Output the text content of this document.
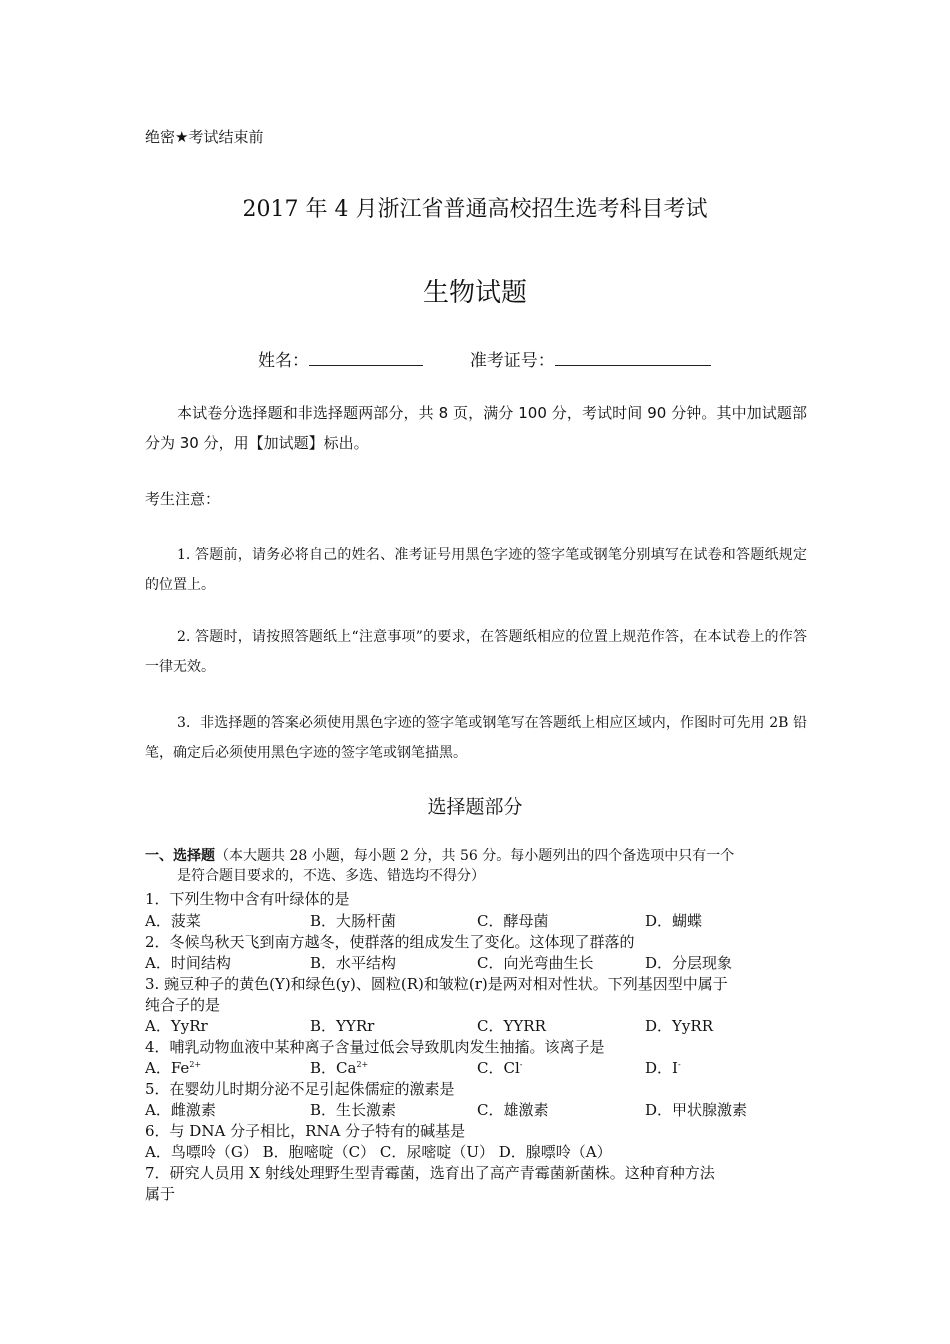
绝密★考试结束前
2017 年 4 月浙江省普通高校招生选考科目考试
生物试题
姓名：	准考证号：
本试卷分选择题和非选择题两部分，共 8 页，满分 100 分，考试时间 90 分钟。其中加试题部分为 30 分，用【加试题】标出。
考生注意：
1. 答题前，请务必将自己的姓名、准考证号用黑色字迹的签字笔或钢笔分别填写在试卷和答题纸规定的位置上。
2. 答题时，请按照答题纸上“注意事项”的要求，在答题纸相应的位置上规范作答，在本试卷上的作答一律无效。
3．非选择题的答案必须使用黑色字迹的签字笔或钢笔写在答题纸上相应区域内，作图时可先用 2B 铅笔，确定后必须使用黑色字迹的签字笔或钢笔描黑。
选择题部分
一、选择题（本大题共 28 小题，每小题 2 分，共 56 分。每小题列出的四个备选项中只有一个
是符合题目要求的，不选、多选、错选均不得分）
1．下列生物中含有叶绿体的是
A．菠菜	B．大肠杆菌	C．酵母菌	D．蝴蝶
2．冬候鸟秋天飞到南方越冬，使群落的组成发生了变化。这体现了群落的
A．时间结构	B．水平结构	C．向光弯曲生长	D．分层现象
3. 豌豆种子的黄色(Y)和绿色(y)、圆粒(R)和皱粒(r)是两对相对性状。下列基因型中属于
纯合子的是
A．YyRr	B．YYRr	C．YYRR	D．YyRR
4．哺乳动物血液中某种离子含量过低会导致肌肉发生抽搐。该离子是
A．$Fe^{2+}$	B．$Ca^{2+}$	C．Cl-	D．I-
5．在婴幼儿时期分泌不足引起侏儒症的激素是
A．雌激素	B．生长激素	C．雄激素	D．甲状腺激素
6．与 DNA 分子相比，RNA 分子特有的碱基是
A．鸟嘌呤（G） B．胞嘧啶（C） C．尿嘧啶（U） D．腺嘌呤（A）
7．研究人员用 X 射线处理野生型青霉菌，选育出了高产青霉菌新菌株。这种育种方法
属于
